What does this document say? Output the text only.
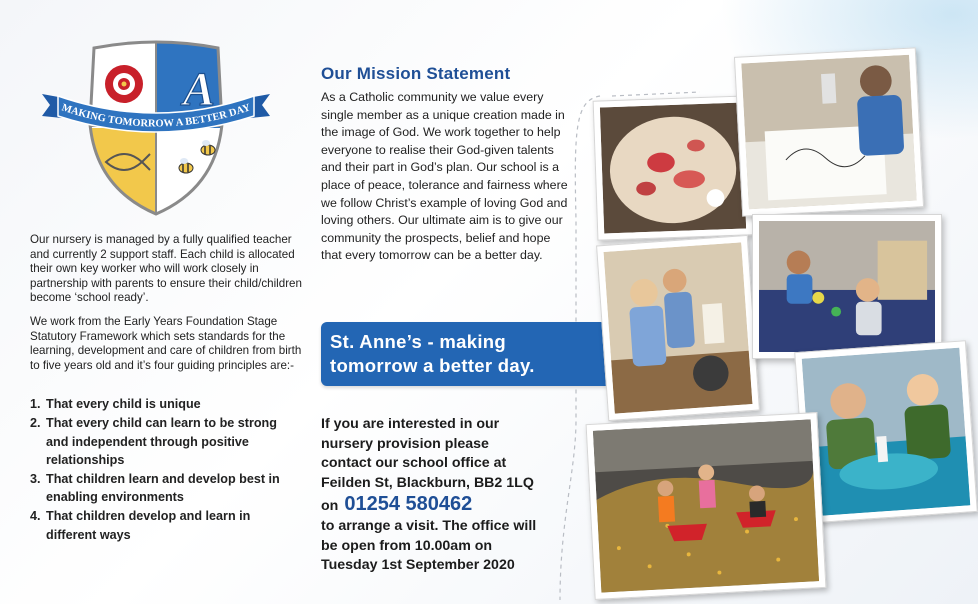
A
MAKING TOMORROW A BETTER DAY

Our nursery is managed by a fully qualified teacher and currently 2 support staff. Each child is allocated their own key worker who will work closely in partnership with parents to ensure their child/children become ‘school ready’.

We work from the Early Years Foundation Stage Statutory Framework which sets standards for the learning, development and care of children from birth to five years old and it’s four guiding principles are:-

1. That every child is unique
2. That every child can learn to be strong and independent through positive relationships
3. That children learn and develop best in enabling environments
4. That children develop and learn in different ways
Our Mission Statement

As a Catholic community we value every single member as a unique creation made in the image of God. We work together to help everyone to realise their God-given talents and their part in God’s plan. Our school is a place of peace, tolerance and fairness where we follow Christ’s example of loving God and loving others. Our ultimate aim is to give our community the prospects, belief and hope that every tomorrow can be a better day.

St. Anne’s - making
tomorrow a better day.
If you are interested in our
nursery provision please
contact our school office at
Feilden St, Blackburn, BB2 1LQ
on 01254 580462
to arrange a visit. The office will
be open from 10.00am on
Tuesday 1st September 2020
